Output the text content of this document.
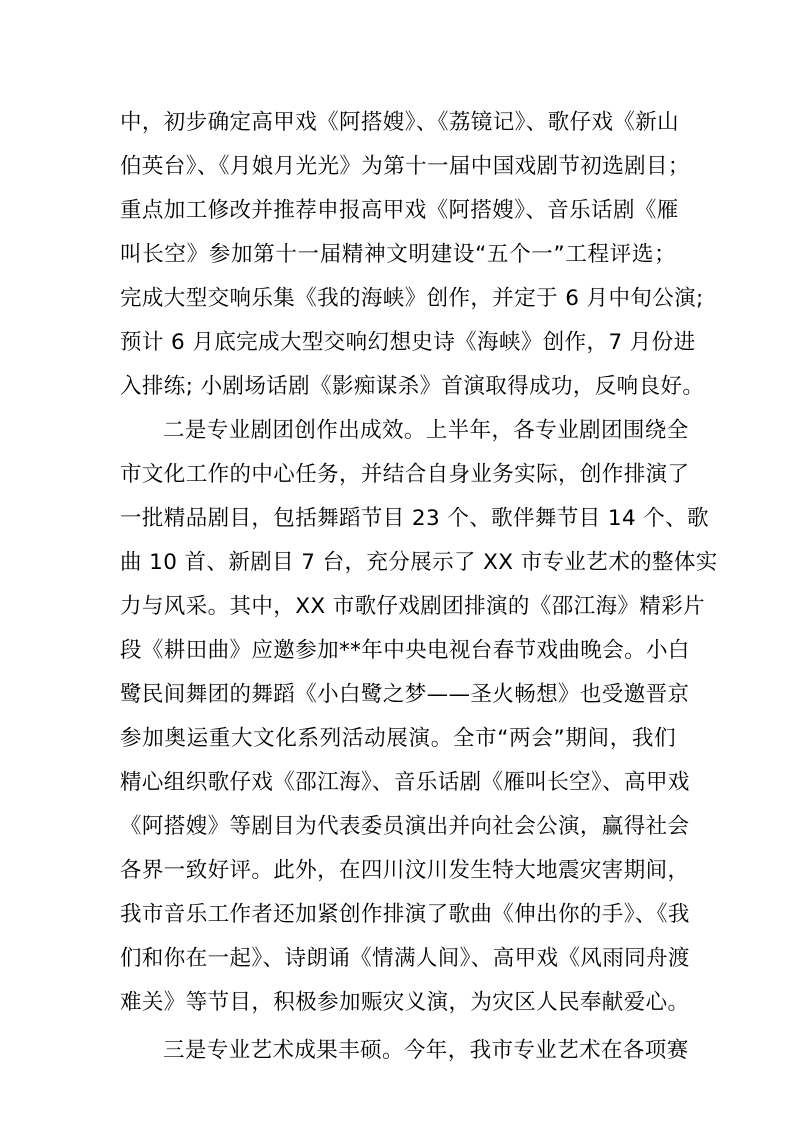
中，初步确定高甲戏《阿搭嫂》、《荔镜记》、歌仔戏《新山
伯英台》、《月娘月光光》为第十一届中国戏剧节初选剧目；
重点加工修改并推荐申报高甲戏《阿搭嫂》、音乐话剧《雁
叫长空》参加第十一届精神文明建设“五个一”工程评选；
完成大型交响乐集《我的海峡》创作，并定于 6 月中旬公演;
预计 6 月底完成大型交响幻想史诗《海峡》创作，7 月份进
入排练; 小剧场话剧《影痴谋杀》首演取得成功，反响良好。
二是专业剧团创作出成效。上半年，各专业剧团围绕全
市文化工作的中心任务，并结合自身业务实际，创作排演了
一批精品剧目，包括舞蹈节目 23 个、歌伴舞节目 14 个、歌
曲 10 首、新剧目 7 台，充分展示了 XX 市专业艺术的整体实
力与风采。其中，XX 市歌仔戏剧团排演的《邵江海》精彩片
段《耕田曲》应邀参加**年中央电视台春节戏曲晚会。小白
鹭民间舞团的舞蹈《小白鹭之梦——圣火畅想》也受邀晋京
参加奥运重大文化系列活动展演。全市“两会”期间，我们
精心组织歌仔戏《邵江海》、音乐话剧《雁叫长空》、高甲戏
《阿搭嫂》等剧目为代表委员演出并向社会公演，赢得社会
各界一致好评。此外，在四川汶川发生特大地震灾害期间，
我市音乐工作者还加紧创作排演了歌曲《伸出你的手》、《我
们和你在一起》、诗朗诵《情满人间》、高甲戏《风雨同舟渡
难关》等节目，积极参加赈灾义演，为灾区人民奉献爱心。
三是专业艺术成果丰硕。今年，我市专业艺术在各项赛
